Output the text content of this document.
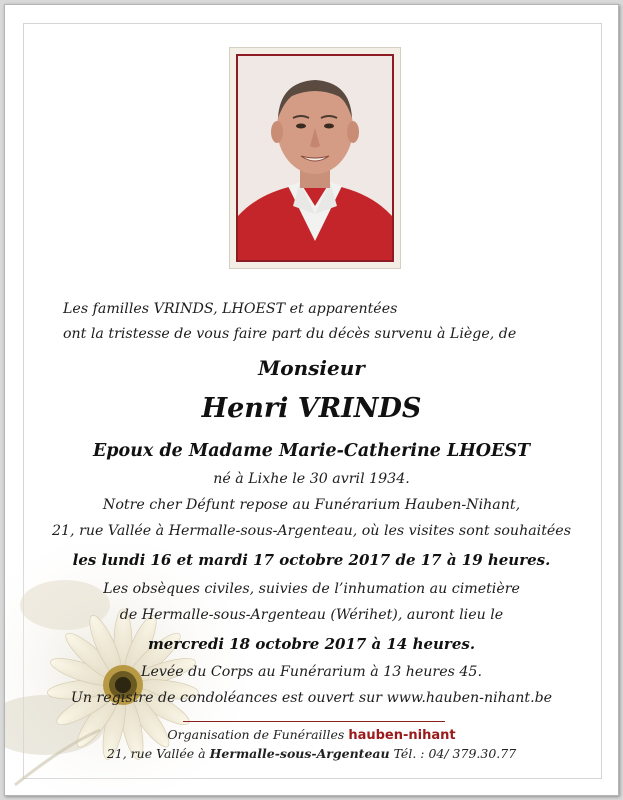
Les familles VRINDS, LHOEST et apparentées
ont la tristesse de vous faire part du décès survenu à Liège, de
Monsieur
Henri VRINDS
Epoux de Madame Marie-Catherine LHOEST
né à Lixhe le 30 avril 1934.
Notre cher Défunt repose au Funérarium Hauben-Nihant,
21, rue Vallée à Hermalle-sous-Argenteau, où les visites sont souhaitées
les lundi 16 et mardi 17 octobre 2017 de 17 à 19 heures.
Les obsèques civiles, suivies de l’inhumation au cimetière
de Hermalle-sous-Argenteau (Wérihet), auront lieu le
mercredi 18 octobre 2017 à 14 heures.
Levée du Corps au Funérarium à 13 heures 45.
Un registre de condoléances est ouvert sur www.hauben-nihant.be
Organisation de Funérailles hauben-nihant
21, rue Vallée à Hermalle-sous-Argenteau Tél. : 04/ 379.30.77
